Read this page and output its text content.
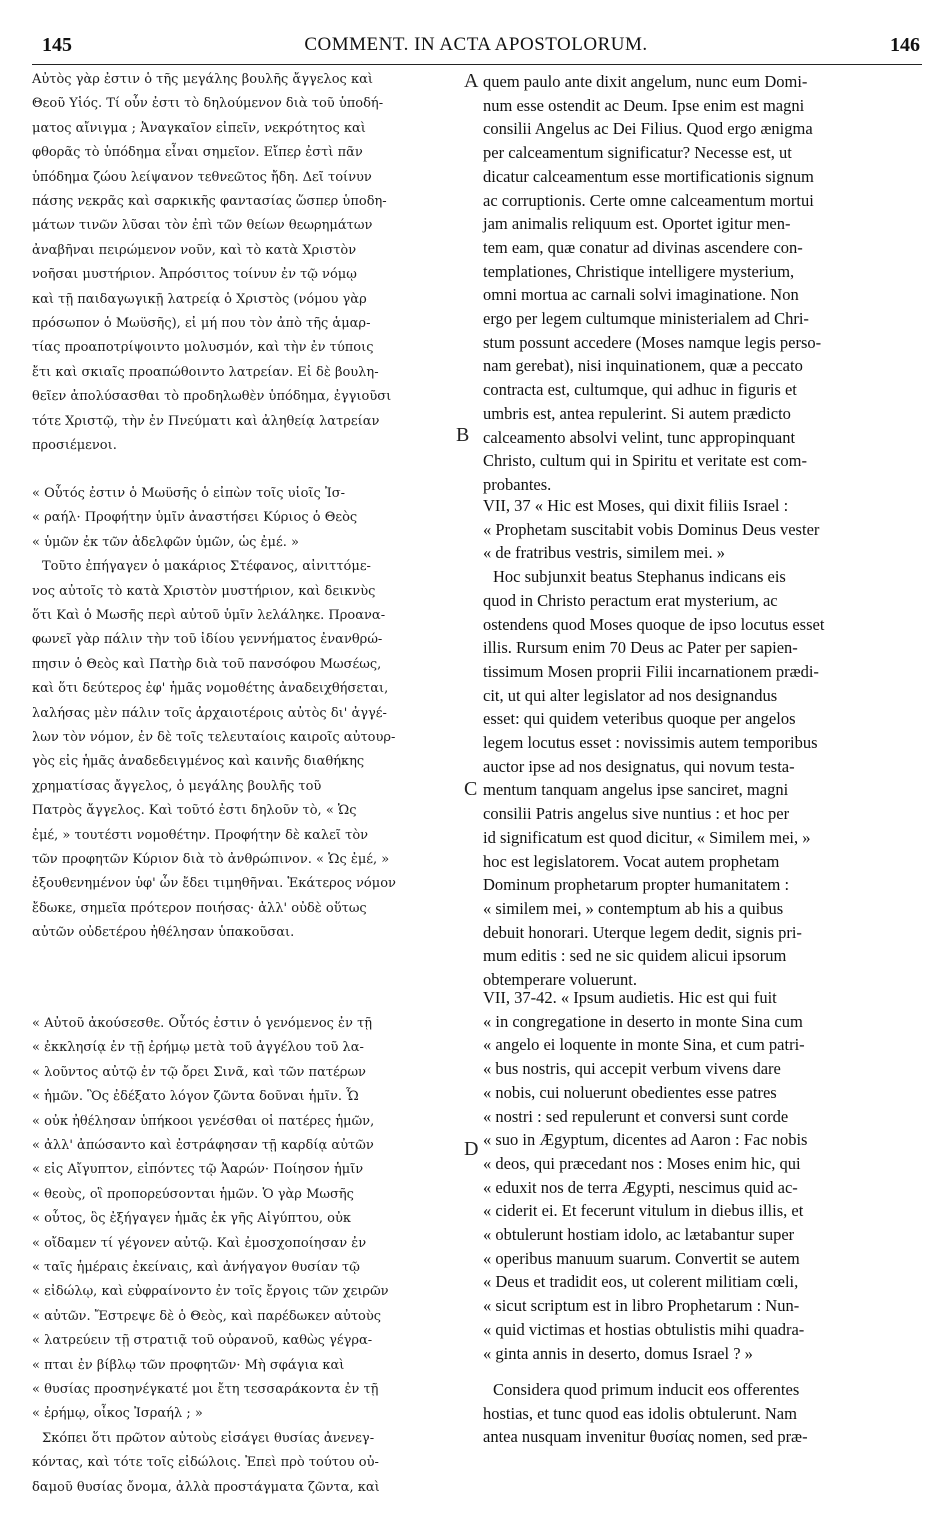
145	COMMENT. IN ACTA APOSTOLORUM.	146
Αὐτὸς γὰρ ἐστιν ὁ τῆς μεγάλης βουλῆς ἄγγελος καὶ
Θεοῦ Υἱός. Τί οὖν ἐστι τὸ δηλούμενον διὰ τοῦ ὑποδή-
ματος αἴνιγμα ; Ἀναγκαῖον εἰπεῖν, νεκρότητος καὶ
φθορᾶς τὸ ὑπόδημα εἶναι σημεῖον. Εἴπερ ἐστὶ πᾶν
ὑπόδημα ζώου λείψανον τεθνεῶτος ἤδη. Δεῖ τοίνυν
πάσης νεκρᾶς καὶ σαρκικῆς φαντασίας ὥσπερ ὑποδη-
μάτων τινῶν λῦσαι τὸν ἐπὶ τῶν θείων θεωρημάτων
ἀναβῆναι πειρώμενον νοῦν, καὶ τὸ κατὰ Χριστὸν
νοῆσαι μυστήριον. Ἀπρόσιτος τοίνυν ἐν τῷ νόμῳ
καὶ τῇ παιδαγωγικῇ λατρείᾳ ὁ Χριστὸς (νόμου γὰρ
πρόσωπον ὁ Μωϋσῆς), εἰ μή που τὸν ἀπὸ τῆς ἁμαρ-
τίας προαποτρίψοιντο μολυσμόν, καὶ τὴν ἐν τύποις
ἔτι καὶ σκιαῖς προαπώθοιντο λατρείαν. Εἰ δὲ βουλη-
θεῖεν ἀπολύσασθαι τὸ προδηλωθὲν ὑπόδημα, ἐγγιοῦσι
τότε Χριστῷ, τὴν ἐν Πνεύματι καὶ ἀληθείᾳ λατρείαν
προσιέμενοι.
« Οὗτός ἐστιν ὁ Μωϋσῆς ὁ εἰπὼν τοῖς υἱοῖς Ἰσ-
« ραήλ· Προφήτην ὑμῖν ἀναστήσει Κύριος ὁ Θεὸς
« ὑμῶν ἐκ τῶν ἀδελφῶν ὑμῶν, ὡς ἐμέ. »
Τοῦτο ἐπήγαγεν ὁ μακάριος Στέφανος, αἰνιττόμε-
νος αὐτοῖς τὸ κατὰ Χριστὸν μυστήριον, καὶ δεικνὺς
ὅτι Καὶ ὁ Μωσῆς περὶ αὐτοῦ ὑμῖν λελάληκε. Προανα-
φωνεῖ γὰρ πάλιν τὴν τοῦ ἰδίου γεννήματος ἐνανθρώ-
πησιν ὁ Θεὸς καὶ Πατὴρ διὰ τοῦ πανσόφου Μωσέως,
καὶ ὅτι δεύτερος ἐφ' ἡμᾶς νομοθέτης ἀναδειχθήσεται,
λαλήσας μὲν πάλιν τοῖς ἀρχαιοτέροις αὐτὸς δι' ἀγγέ-
λων τὸν νόμον, ἐν δὲ τοῖς τελευταίοις καιροῖς αὐτουρ-
γὸς εἰς ἡμᾶς ἀναδεδειγμένος καὶ καινῆς διαθήκης
χρηματίσας ἄγγελος, ὁ μεγάλης βουλῆς τοῦ
Πατρὸς ἄγγελος. Καὶ τοῦτό ἐστι δηλοῦν τὸ, « Ὡς
ἐμέ, » τουτέστι νομοθέτην. Προφήτην δὲ καλεῖ τὸν
τῶν προφητῶν Κύριον διὰ τὸ ἀνθρώπινον. « Ὡς ἐμέ, »
ἐξουθενημένον ὑφ' ὧν ἔδει τιμηθῆναι. Ἑκάτερος νόμον
ἔδωκε, σημεῖα πρότερον ποιήσας· ἀλλ' οὐδὲ οὕτως
αὐτῶν οὐδετέρου ἠθέλησαν ὑπακοῦσαι.
« Αὐτοῦ ἀκούσεσθε. Οὗτός ἐστιν ὁ γενόμενος ἐν τῇ
« ἐκκλησίᾳ ἐν τῇ ἐρήμῳ μετὰ τοῦ ἀγγέλου τοῦ λα-
« λοῦντος αὐτῷ ἐν τῷ ὄρει Σινᾶ, καὶ τῶν πατέρων
« ἡμῶν. Ὃς ἐδέξατο λόγον ζῶντα δοῦναι ἡμῖν. Ὧ
« οὐκ ἠθέλησαν ὑπήκοοι γενέσθαι οἱ πατέρες ἡμῶν,
« ἀλλ' ἀπώσαντο καὶ ἐστράφησαν τῇ καρδίᾳ αὐτῶν
« εἰς Αἴγυπτον, εἰπόντες τῷ Ἀαρών· Ποίησον ἡμῖν
« θεοὺς, οἳ προπορεύσονται ἡμῶν. Ὁ γὰρ Μωσῆς
« οὗτος, ὃς ἐξήγαγεν ἡμᾶς ἐκ γῆς Αἰγύπτου, οὐκ
« οἴδαμεν τί γέγονεν αὐτῷ. Καὶ ἐμοσχοποίησαν ἐν
« ταῖς ἡμέραις ἐκείναις, καὶ ἀνήγαγον θυσίαν τῷ
« εἰδώλῳ, καὶ εὐφραίνοντο ἐν τοῖς ἔργοις τῶν χειρῶν
« αὐτῶν. Ἔστρεψε δὲ ὁ Θεὸς, καὶ παρέδωκεν αὐτοὺς
« λατρεύειν τῇ στρατιᾷ τοῦ οὐρανοῦ, καθὼς γέγρα-
« πται ἐν βίβλῳ τῶν προφητῶν· Μὴ σφάγια καὶ
« θυσίας προσηνέγκατέ μοι ἔτη τεσσαράκοντα ἐν τῇ
« ἐρήμῳ, οἶκος Ἰσραήλ ; »
Σκόπει ὅτι πρῶτον αὐτοὺς εἰσάγει θυσίας ἀνενεγ-
κόντας, καὶ τότε τοῖς εἰδώλοις. Ἐπεὶ πρὸ τούτου οὐ-
δαμοῦ θυσίας ὄνομα, ἀλλὰ προστάγματα ζῶντα, καὶ
quem paulo ante dixit angelum, nunc eum Domi-
num esse ostendit ac Deum. Ipse enim est magni
consilii Angelus ac Dei Filius. Quod ergo ænigma
per calceamentum significatur? Necesse est, ut
dicatur calceamentum esse mortificationis signum
ac corruptionis. Certe omne calceamentum mortui
jam animalis reliquum est. Oportet igitur men-
tem eam, quæ conatur ad divinas ascendere con-
templationes, Christique intelligere mysterium,
omni mortua ac carnali solvi imaginatione. Non
ergo per legem cultumque ministerialem ad Chri-
stum possunt accedere (Moses namque legis perso-
nam gerebat), nisi inquinationem, quæ a peccato
contracta est, cultumque, qui adhuc in figuris et
umbris est, antea repulerint. Si autem prædicto
calceamento absolvi velint, tunc appropinquant
Christo, cultum qui in Spiritu et veritate est com-
probantes.
VII, 37 « Hic est Moses, qui dixit filiis Israel :
« Prophetam suscitabit vobis Dominus Deus vester
« de fratribus vestris, similem mei. »
Hoc subjunxit beatus Stephanus indicans eis
quod in Christo peractum erat mysterium, ac
ostendens quod Moses quoque de ipso locutus esset
illis. Rursum enim 70 Deus ac Pater per sapien-
tissimum Mosen proprii Filii incarnationem prædi-
cit, ut qui alter legislator ad nos designandus
esset: qui quidem veteribus quoque per angelos
legem locutus esset : novissimis autem temporibus
auctor ipse ad nos designatus, qui novum testa-
mentum tanquam angelus ipse sanciret, magni
consilii Patris angelus sive nuntius : et hoc per
id significatum est quod dicitur, « Similem mei, »
hoc est legislatorem. Vocat autem prophetam
Dominum prophetarum propter humanitatem :
« similem mei, » contemptum ab his a quibus
debuit honorari. Uterque legem dedit, signis pri-
mum editis : sed ne sic quidem alicui ipsorum
obtemperare voluerunt.
VII, 37-42. « Ipsum audietis. Hic est qui fuit
« in congregatione in deserto in monte Sina cum
« angelo ei loquente in monte Sina, et cum patri-
« bus nostris, qui accepit verbum vivens dare
« nobis, cui noluerunt obedientes esse patres
« nostri : sed repulerunt et conversi sunt corde
« suo in Ægyptum, dicentes ad Aaron : Fac nobis
« deos, qui præcedant nos : Moses enim hic, qui
« eduxit nos de terra Ægypti, nescimus quid ac-
« ciderit ei. Et fecerunt vitulum in diebus illis, et
« obtulerunt hostiam idolo, ac lætabantur super
« operibus manuum suarum. Convertit se autem
« Deus et tradidit eos, ut colerent militiam cœli,
« sicut scriptum est in libro Prophetarum : Nun-
« quid victimas et hostias obtulistis mihi quadra-
« ginta annis in deserto, domus Israel ? »
Considera quod primum inducit eos offerentes
hostias, et tunc quod eas idolis obtulerunt. Nam
antea nusquam invenitur θυσίας nomen, sed præ-
A
B
C
D
